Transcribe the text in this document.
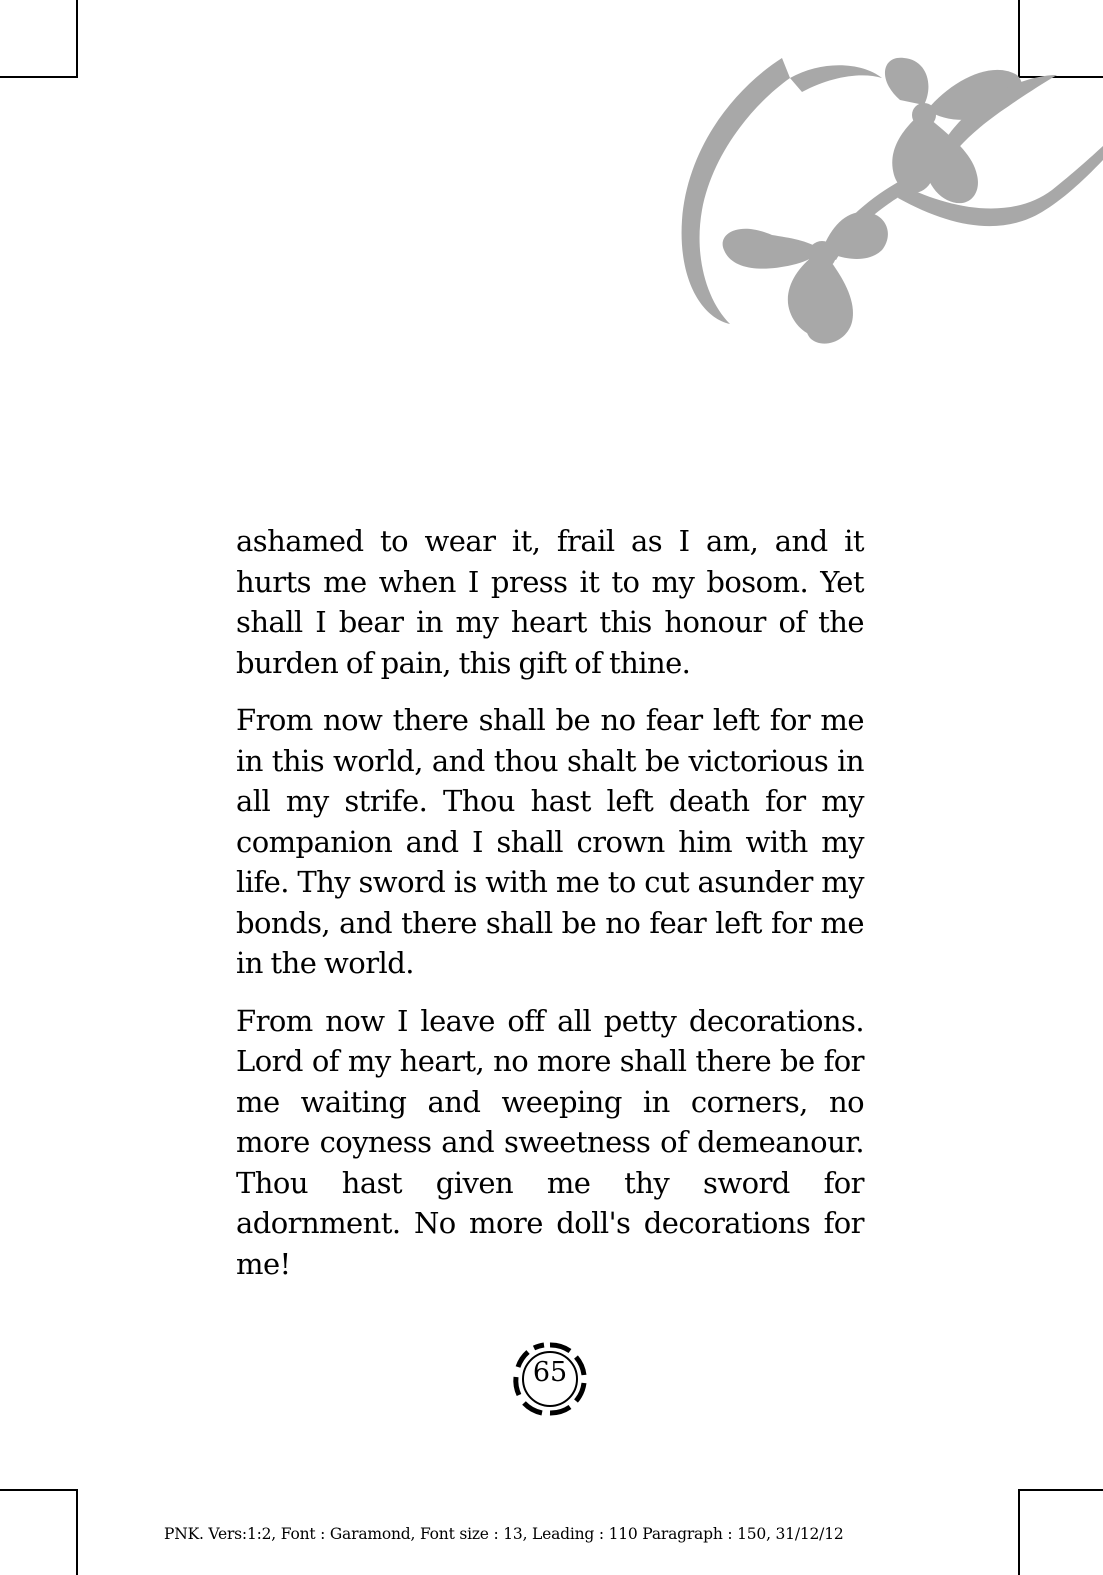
ashamed to wear it, frail as I am, and it hurts me when I press it to my bosom. Yet shall I bear in my heart this honour of the burden of pain, this gift of thine.

From now there shall be no fear left for me in this world, and thou shalt be victorious in all my strife. Thou hast left death for my companion and I shall crown him with my life. Thy sword is with me to cut asunder my bonds, and there shall be no fear left for me in the world.

From now I leave off all petty decorations. Lord of my heart, no more shall there be for me waiting and weeping in corners, no more coyness and sweetness of demeanour. Thou hast given me thy sword for adornment. No more doll's decorations for me!

65
PNK. Vers:1:2, Font : Garamond, Font size : 13, Leading : 110 Paragraph : 150, 31/12/12
